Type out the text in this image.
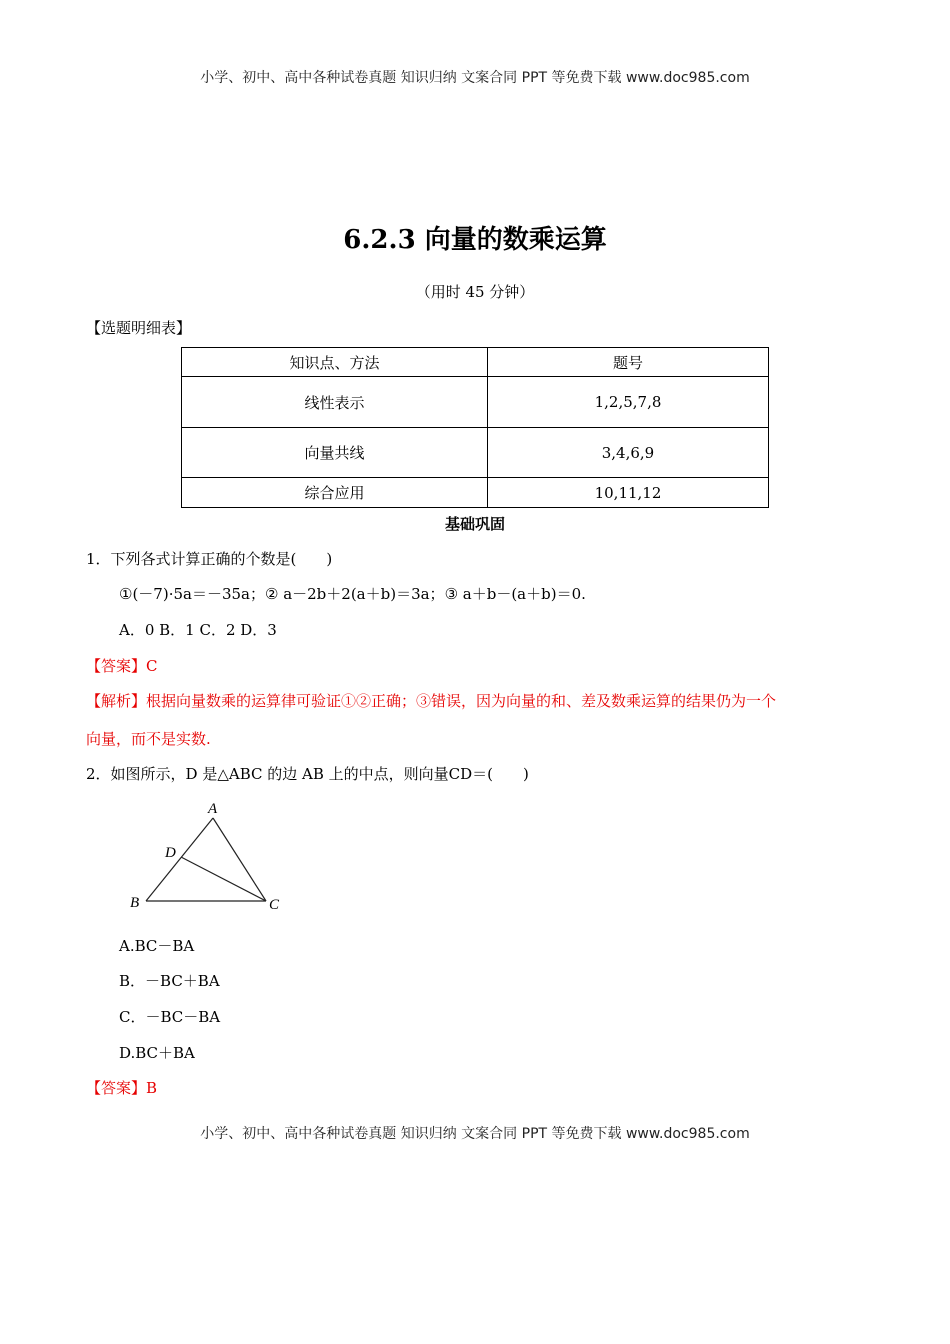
小学、初中、高中各种试卷真题 知识归纳 文案合同 PPT 等免费下载 www.doc985.com
6.2.3 向量的数乘运算
（用时 45 分钟）
【选题明细表】
知识点、方法	题号
线性表示	1,2,5,7,8
向量共线	3,4,6,9
综合应用	10,11,12
基础巩固
1．下列各式计算正确的个数是(　　)
①(－7)·5a＝－35a；② a－2b＋2(a＋b)＝3a；③ a＋b－(a＋b)＝0.
A．0 B．1 C．2 D．3
【答案】C
【解析】根据向量数乘的运算律可验证①②正确；③错误，因为向量的和、差及数乘运算的结果仍为一个
向量，而不是实数.
2．如图所示，D 是△ABC 的边 AB 上的中点，则向量CD＝(　　)
A
D
B	C
A.BC－BA
B．－BC＋BA
C．－BC－BA
D.BC＋BA
【答案】B
小学、初中、高中各种试卷真题 知识归纳 文案合同 PPT 等免费下载 www.doc985.com
